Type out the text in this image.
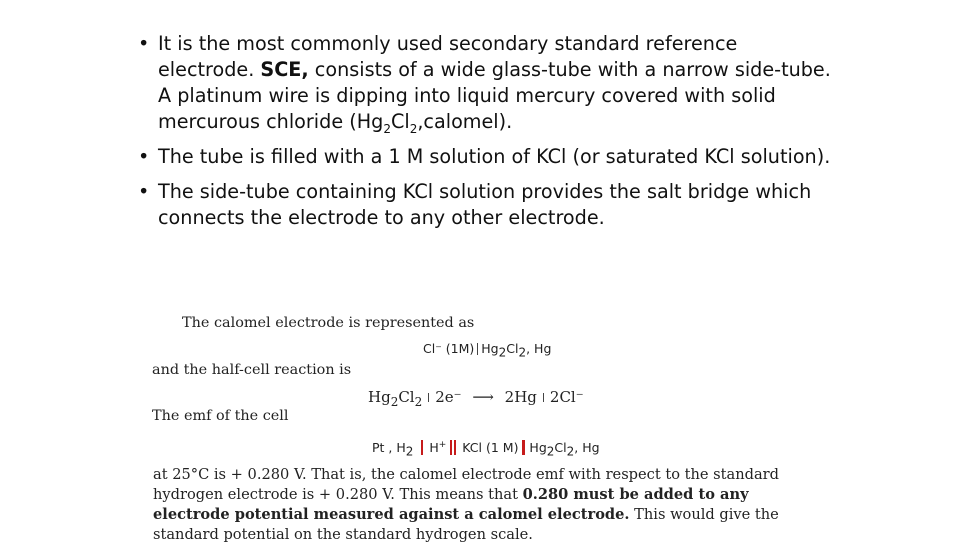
• It is the most commonly used secondary standard reference electrode. SCE, consists of a wide glass-tube with a narrow side-tube. A platinum wire is dipping into liquid mercury covered with solid mercurous chloride $(Hg_2Cl_2,calomel)$.
• The tube is filled with a 1 M solution of KCl (or saturated KCl solution).
• The side-tube containing KCl solution provides the salt bridge which connects the electrode to any other electrode.
The calomel electrode is represented as
Cl⁻ (1M) $Hg_2Cl_2$, Hg
and the half-cell reaction is
$Hg_2Cl_2$ 2e⁻ ⟶ 2Hg 2Cl⁻
The emf of the cell
Pt , $H_2$ H+ KCl (1 M) $Hg_2Cl_2$, Hg
at 25°C is + 0.280 V. That is, the calomel electrode emf with respect to the standard hydrogen electrode is + 0.280 V. This means that 0.280 must be added to any electrode potential measured against a calomel electrode. This would give the standard potential on the standard hydrogen scale.
